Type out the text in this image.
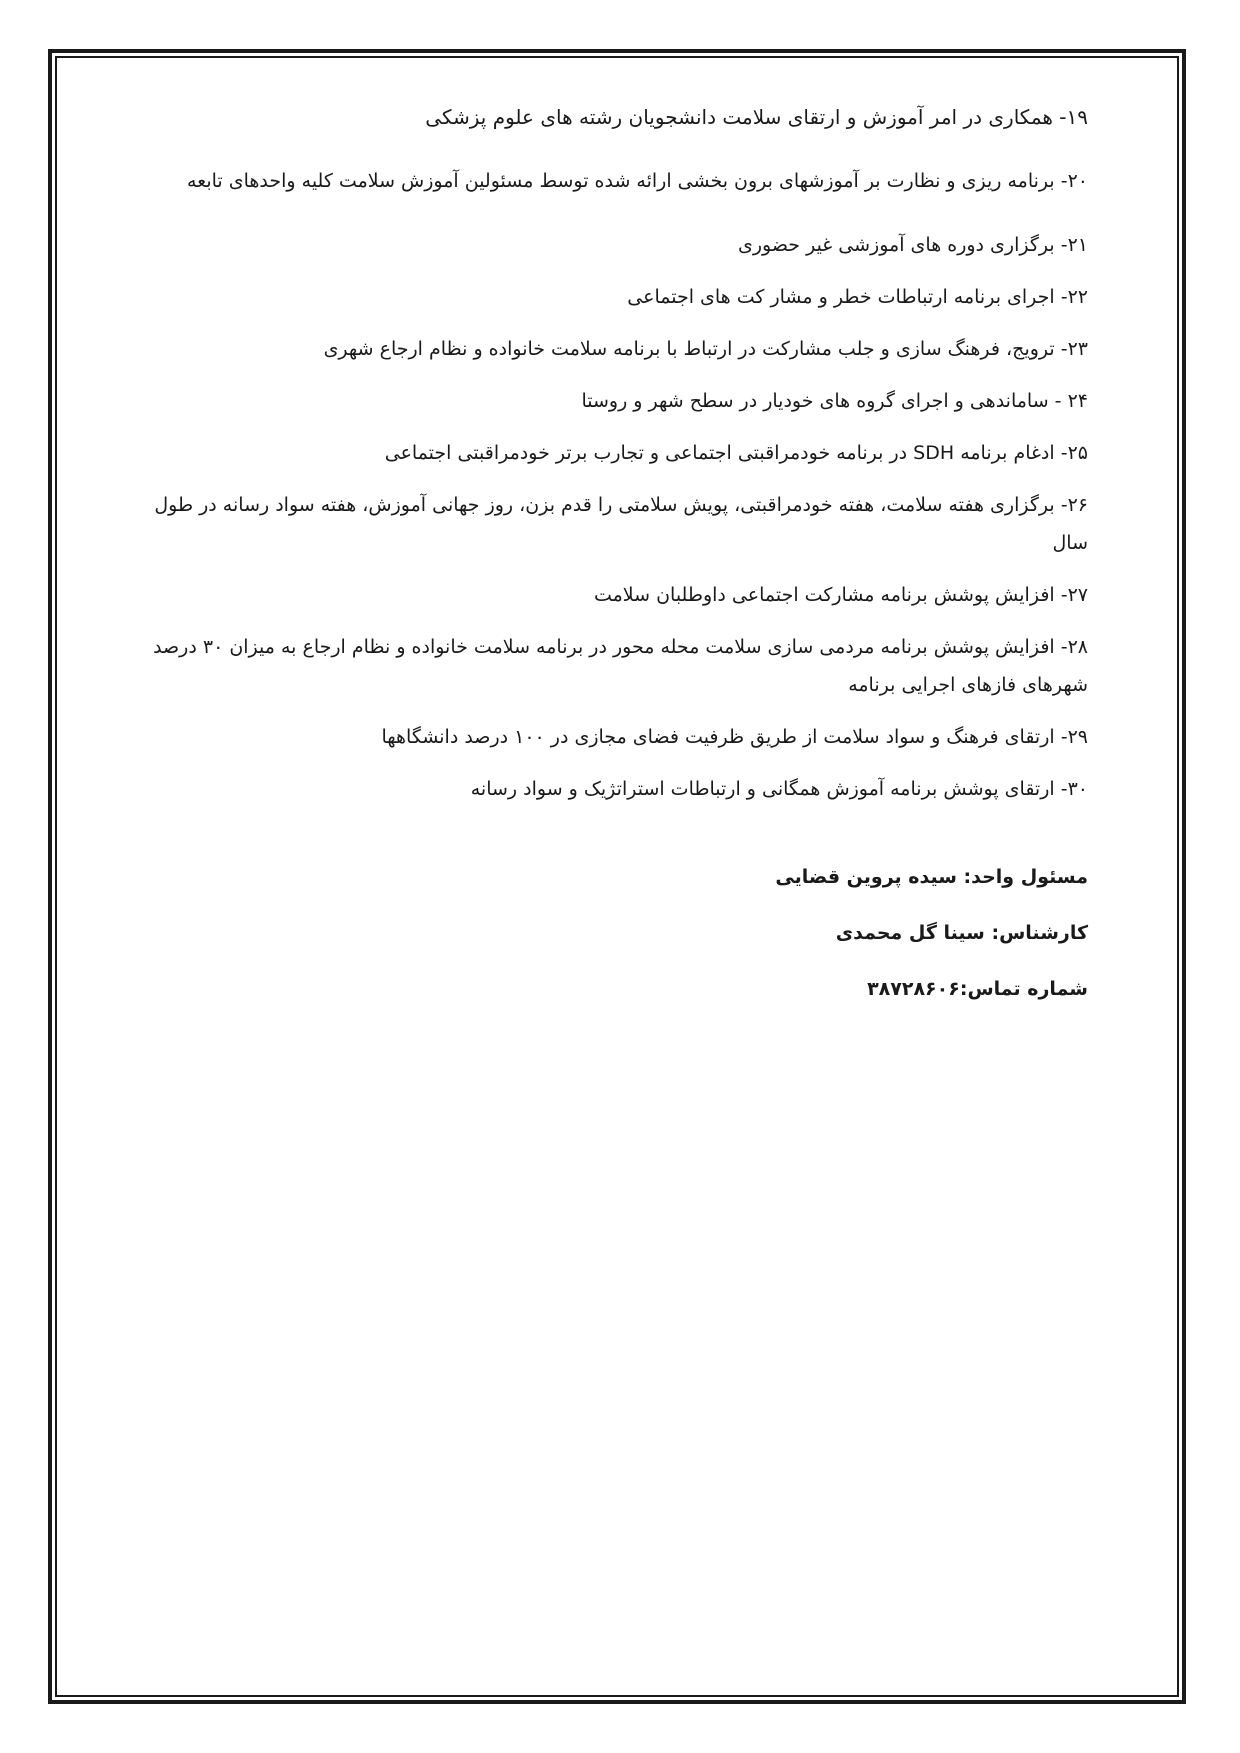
۱۹- همکاری در امر آموزش و ارتقای سلامت دانشجویان رشته های علوم پزشکی

۲۰- برنامه ریزی و نظارت بر آموزشهای برون بخشی ارائه شده توسط مسئولین آموزش سلامت کلیه واحدهای تابعه

۲۱- برگزاری دوره های آموزشی غیر حضوری

۲۲- اجرای برنامه ارتباطات خطر و مشار کت های اجتماعی

۲۳- ترویج، فرهنگ سازی و جلب مشارکت در ارتباط با برنامه سلامت خانواده و نظام ارجاع شهری

۲۴ - ساماندهی و اجرای گروه های خودیار در سطح شهر و روستا

۲۵- ادغام برنامه SDH در برنامه خودمراقبتی اجتماعی و تجارب برتر خودمراقبتی اجتماعی

۲۶- برگزاری هفته سلامت، هفته خودمراقبتی، پویش سلامتی را قدم بزن، روز جهانی آموزش، هفته سواد رسانه در طول سال

۲۷- افزایش پوشش برنامه مشارکت اجتماعی داوطلبان سلامت

۲۸- افزایش پوشش برنامه مردمی سازی سلامت محله محور در برنامه سلامت خانواده و نظام ارجاع به میزان ۳۰ درصد شهرهای فازهای اجرایی برنامه

۲۹- ارتقای فرهنگ و سواد سلامت از طریق ظرفیت فضای مجازی در ۱۰۰ درصد دانشگاهها

۳۰- ارتقای پوشش برنامه آموزش همگانی و ارتباطات استراتژیک و سواد رسانه

مسئول واحد: سیده پروین قضایی

کارشناس: سینا گل محمدی

شماره تماس:۳۸۷۲۸۶۰۶
